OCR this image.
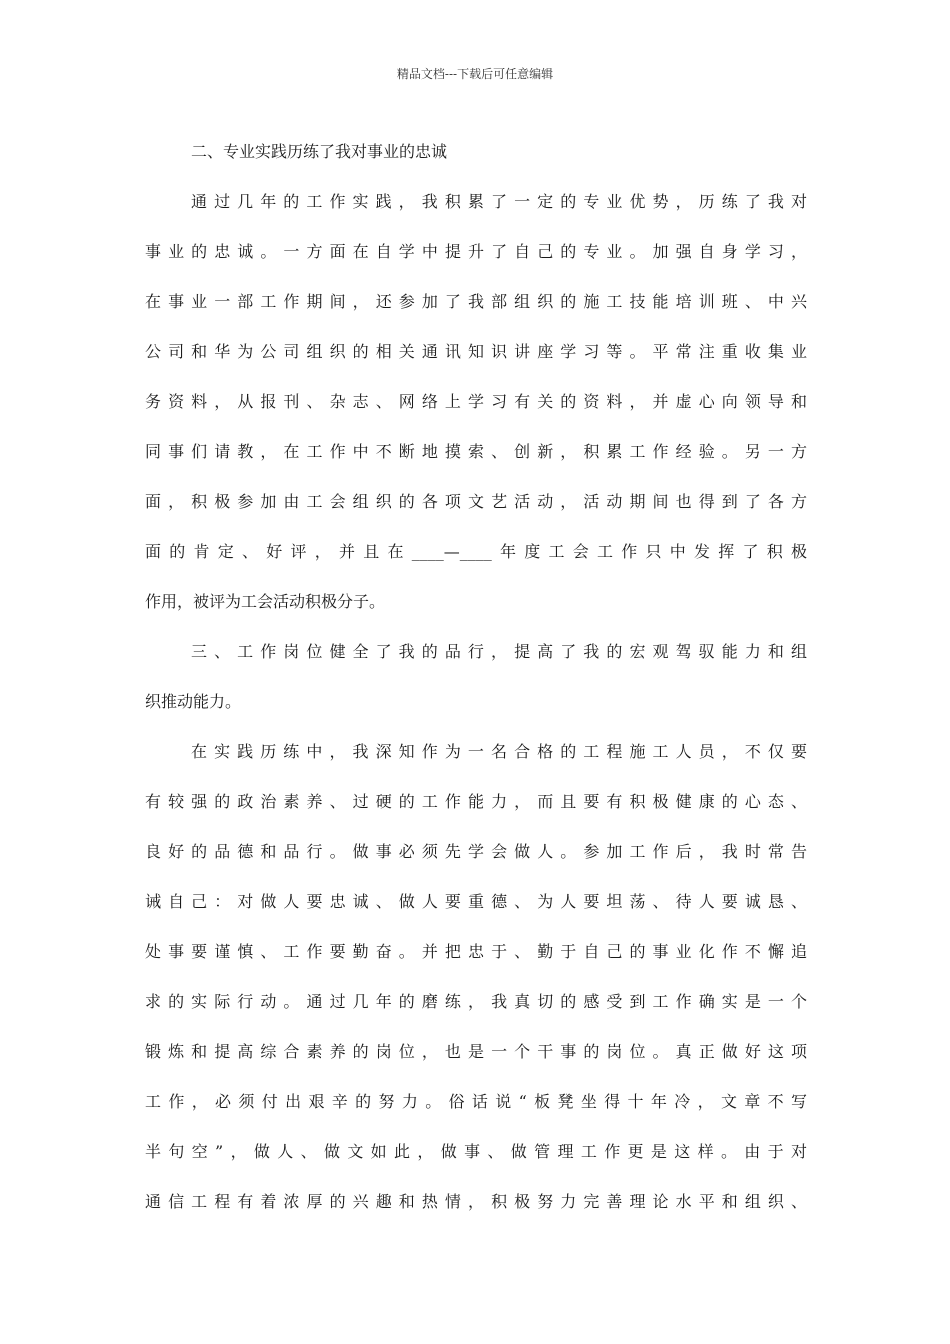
精品文档---下载后可任意编辑
二、专业实践历练了我对事业的忠诚
通过几年的工作实践，我积累了一定的专业优势，历练了我对
事业的忠诚。一方面在自学中提升了自己的专业。加强自身学习，
在事业一部工作期间，还参加了我部组织的施工技能培训班、中兴
公司和华为公司组织的相关通讯知识讲座学习等。平常注重收集业
务资料，从报刊、杂志、网络上学习有关的资料，并虚心向领导和
同事们请教，在工作中不断地摸索、创新，积累工作经验。另一方
面，积极参加由工会组织的各项文艺活动，活动期间也得到了各方
面的肯定、好评，并且在____—____年度工会工作只中发挥了积极
作用，被评为工会活动积极分子。
三、工作岗位健全了我的品行，提高了我的宏观驾驭能力和组
织推动能力。
在实践历练中，我深知作为一名合格的工程施工人员，不仅要
有较强的政治素养、过硬的工作能力，而且要有积极健康的心态、
良好的品德和品行。做事必须先学会做人。参加工作后，我时常告
诫自己：对做人要忠诚、做人要重德、为人要坦荡、待人要诚恳、
处事要谨慎、工作要勤奋。并把忠于、勤于自己的事业化作不懈追
求的实际行动。通过几年的磨练，我真切的感受到工作确实是一个
锻炼和提高综合素养的岗位，也是一个干事的岗位。真正做好这项
工作，必须付出艰辛的努力。俗话说“板凳坐得十年冷，文章不写
半句空”，做人、做文如此，做事、做管理工作更是这样。由于对
通信工程有着浓厚的兴趣和热情，积极努力完善理论水平和组织、
